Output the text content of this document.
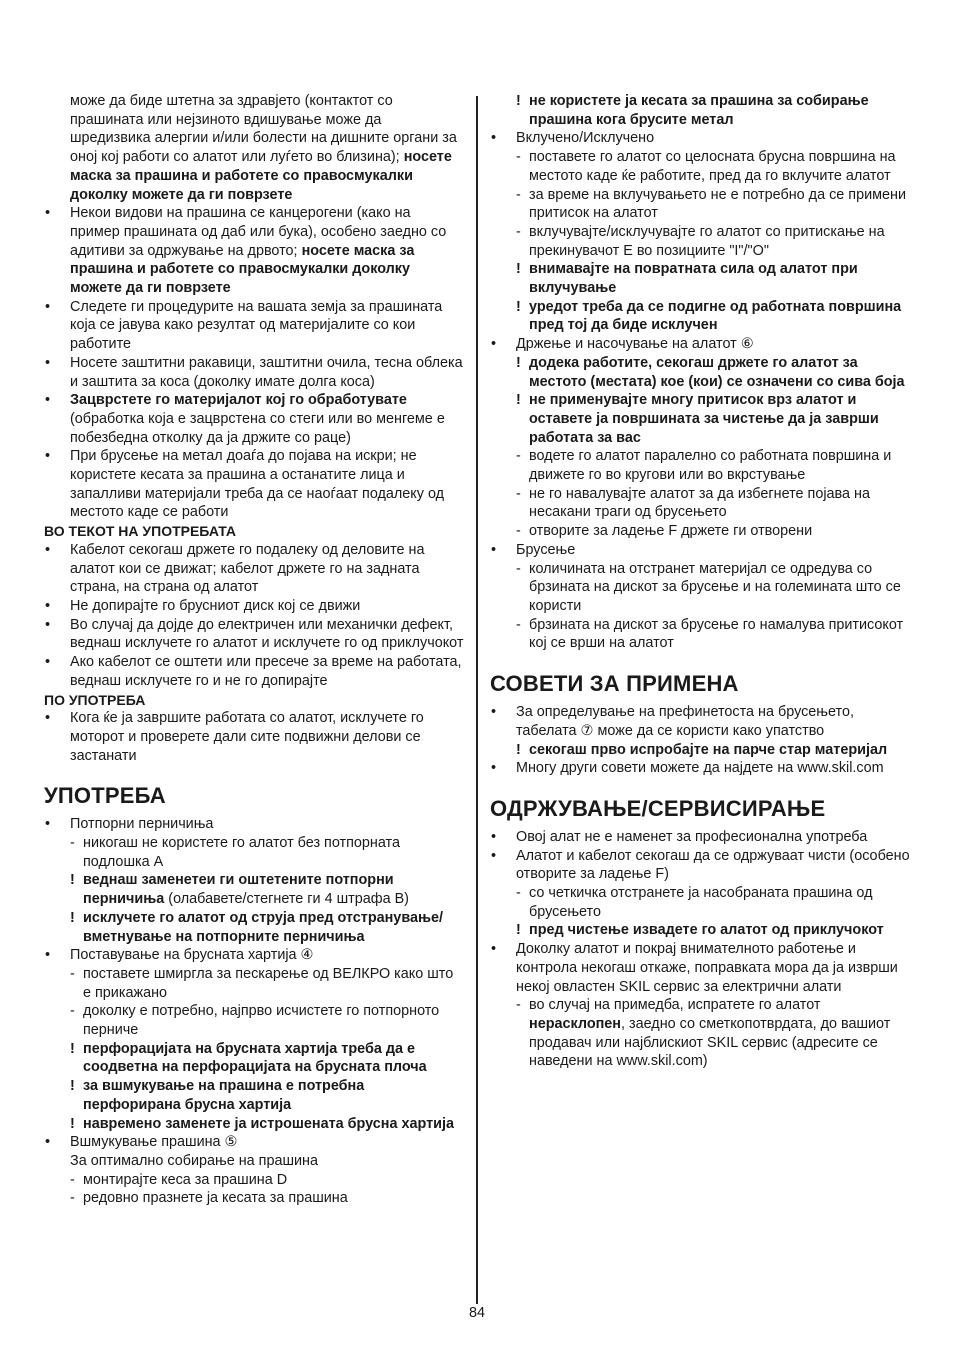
може да биде штетна за здравјето (контактот со прашината или нејзиното вдишување може да шредизвика алергии и/или болести на дишните органи за оној кој работи со алатот или луѓето во близина); носете маска за прашина и работете со правосмукалки доколку можете да ги поврзете
• Некои видови на прашина се канцерогени (како на пример прашината од даб или бука), особено заедно со адитиви за одржување на дрвото; носете маска за прашина и работете со правосмукалки доколку можете да ги поврзете
• Следете ги процедурите на вашата земја за прашината која се јавува како резултат од материјалите со кои работите
• Носете заштитни ракавици, заштитни очила, тесна облека и заштита за коса (доколку имате долга коса)
• Зацврстете го материјалот кој го обработувате (обработка која е зацврстена со стеги или во менгеме е побезбедна отколку да ја држите со раце)
• При брусење на метал доаѓа до појава на искри; не користете кесата за прашина а останатите лица и запалливи материјали треба да се наоѓаат подалеку од местото каде се работи
ВО ТЕКОТ НА УПОТРЕБАТА
• Кабелот секогаш држете го подалеку од деловите на алатот кои се движат; кабелот држете го на задната страна, на страна од алатот
• Не допирајте го брусниот диск кој се движи
• Во случај да дојде до електричен или механички дефект, веднаш исклучете го алатот и исклучете го од приклучокот
• Ако кабелот се оштети или пресече за време на работата, веднаш исклучете го и не го допирајте
ПО УПОТРЕБА
• Кога ќе ја завршите работата со алатот, исклучете го моторот и проверете дали сите подвижни делови се застанати
УПОТРЕБА
• Потпорни перничиња
- никогаш не користете го алатот без потпорната подлошка A
! веднаш заменетеи ги оштетените потпорни перничиња (олабавете/стегнете ги 4 штрафа B)
! исклучете го алатот од струја пред отстранување/вметнување на потпорните перничиња
• Поставување на брусната хартија ④
- поставете шмиргла за пескарење од ВЕЛКРО како што е прикажано
- доколку е потребно, најпрво исчистете го потпорното перниче
! перфорацијата на брусната хартија треба да е соодветна на перфорацијата на брусната плоча
! за вшмукување на прашина е потребна перфорирана брусна хартија
! навремено заменете ја истрошената брусна хартија
• Вшмукување прашина ⑤
За оптимално собирање на прашина
- монтирајте кеса за прашина D
- редовно празнете ја кесата за прашина
! не користете ја кесата за прашина за собирање прашина кога брусите метал
• Вклучено/Исклучено
- поставете го алатот со целосната брусна површина на местото каде ќе работите, пред да го вклучите алатот
- за време на вклучувањето не е потребно да се примени притисок на алатот
- вклучувајте/исклучувајте го алатот со притискање на прекинувачот E во позициите "I"/"O"
! внимавајте на повратната сила од алатот при вклучување
! уредот треба да се подигне од работната површина пред тој да биде исклучен
• Држење и насочување на алатот ⑥
! додека работите, секогаш држете го алатот за местото (местата) кое (кои) се означени со сива боја
! не применувајте многу притисок врз алатот и оставете ја површината за чистење да ја заврши работата за вас
- водете го алатот паралелно со работната површина и движете го во кругови или во вкрстување
- не го навалувајте алатот за да избегнете појава на несакани траги од брусењето
- отворите за ладење F држете ги отворени
• Брусење
- количината на отстранет материјал се одредува со брзината на дискот за брусење и на големината што се користи
- брзината на дискот за брусење го намалува притисокот кој се врши на алатот
СОВЕТИ ЗА ПРИМЕНА
• За определување на префинетоста на брусењето, табелата ⑦ може да се користи како упатство
! секогаш прво испробајте на парче стар материјал
• Многу други совети можете да најдете на www.skil.com
ОДРЖУВАЊЕ/СЕРВИСИРАЊЕ
• Овој алат не е наменет за професионална употреба
• Алатот и кабелот секогаш да се одржуваат чисти (особено отворите за ладење F)
- со четкичка отстранете ја насобраната прашина од брусењето
! пред чистење извадете го алатот од приклучокот
• Доколку алатот и покрај внимателното работење и контрола некогаш откаже, поправката мора да ја изврши некој овластен SKIL сервис за електрични алати
- во случај на примедба, испратете го алатот нерасклопен, заедно со сметкопотврдата, до вашиот продавач или најблискиот SKIL сервис (адресите се наведени на www.skil.com)
84
